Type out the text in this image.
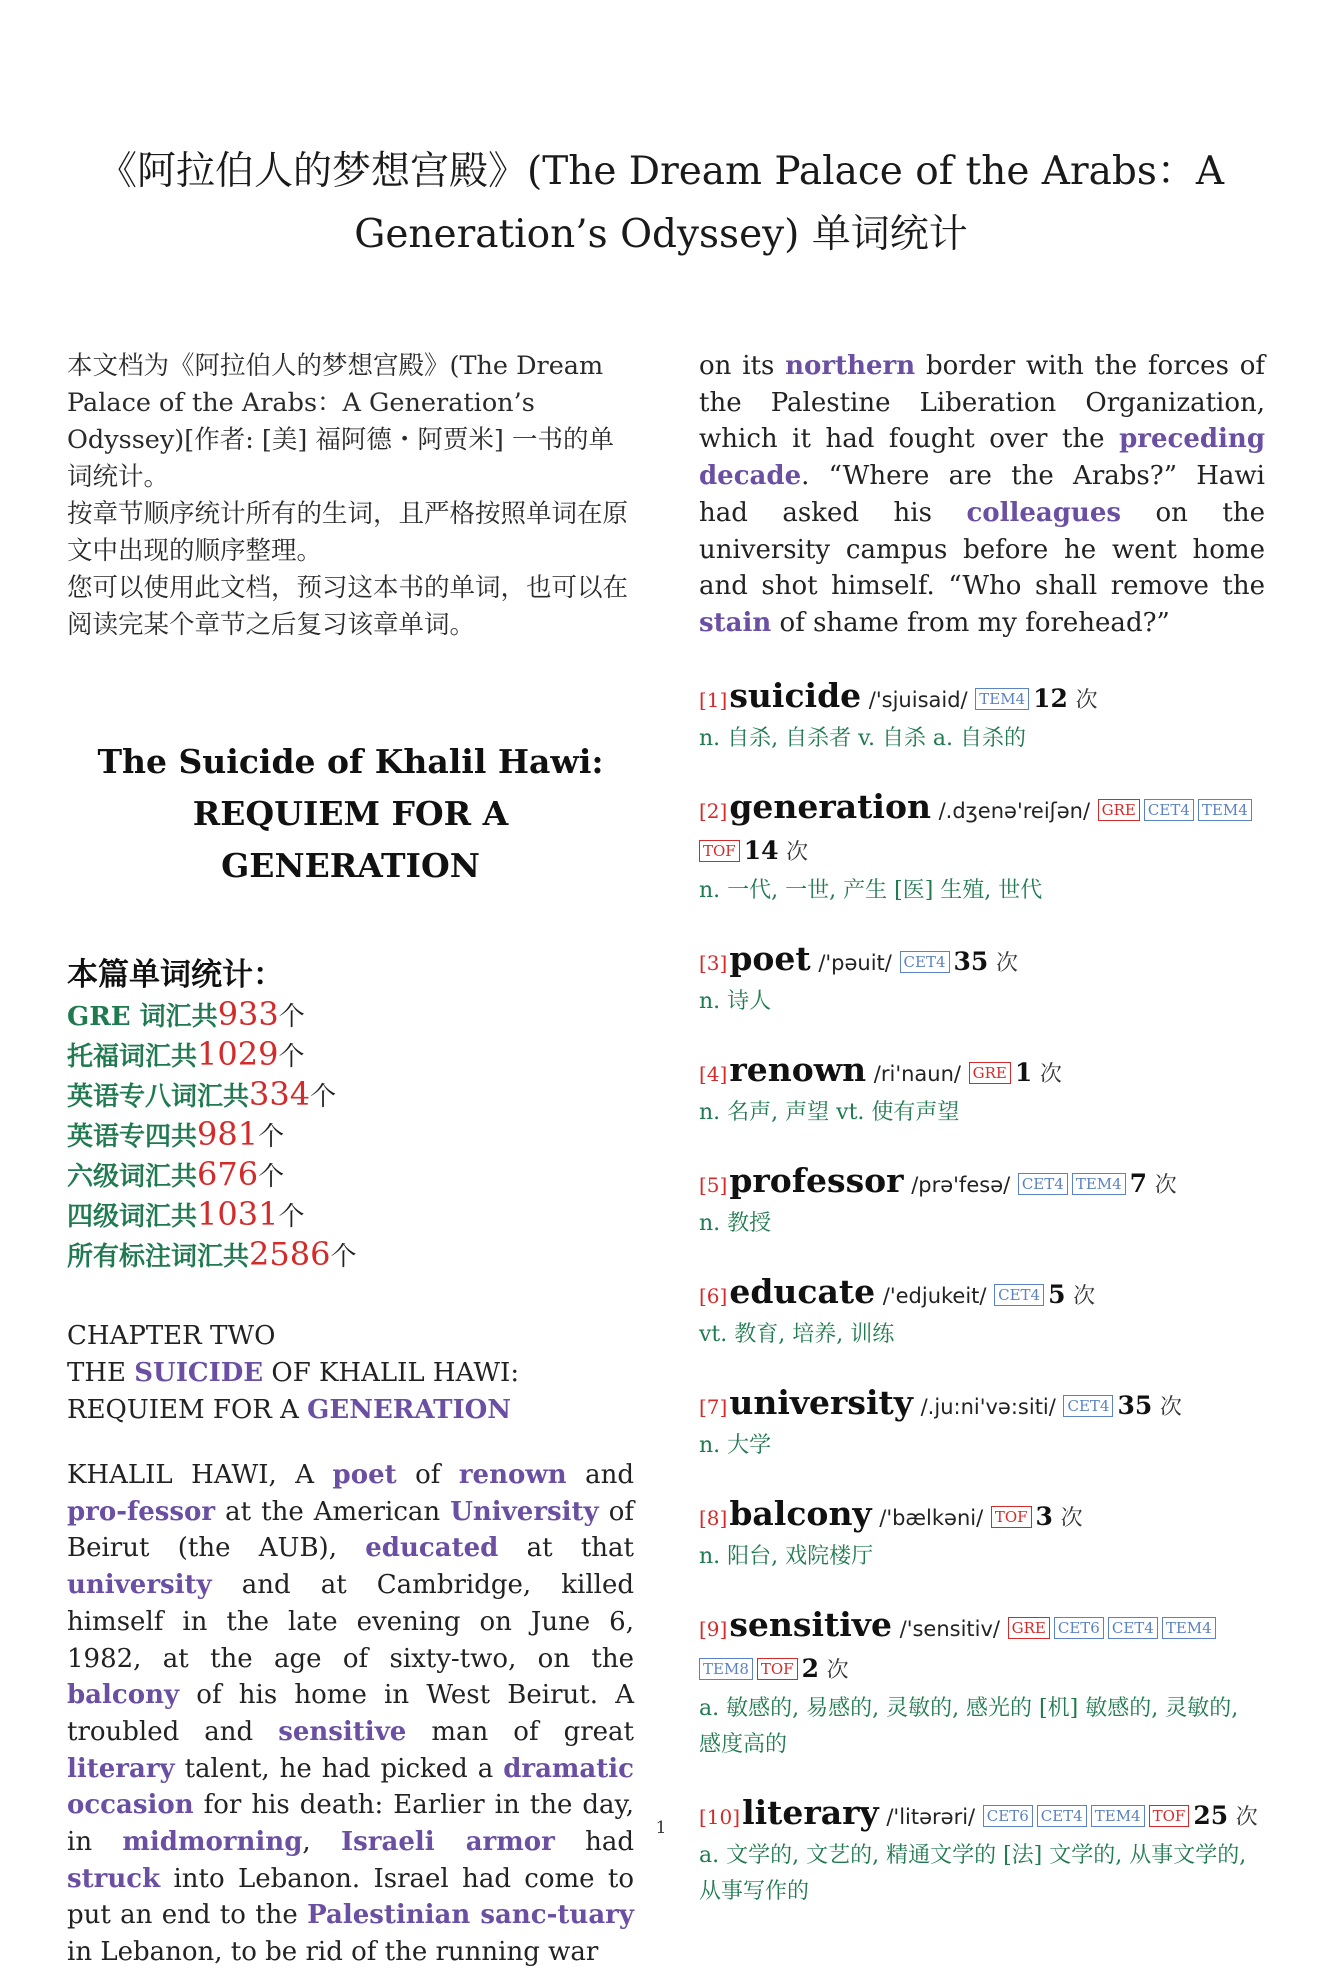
《阿拉伯人的梦想宫殿》(The Dream Palace of the Arabs：A Generation’s Odyssey) 单词统计

本文档为《阿拉伯人的梦想宫殿》(The Dream Palace of the Arabs：A Generation’s Odyssey)[作者: [美] 福阿德・阿贾米] 一书的单词统计。

按章节顺序统计所有的生词，且严格按照单词在原文中出现的顺序整理。

您可以使用此文档，预习这本书的单词，也可以在阅读完某个章节之后复习该章单词。

The Suicide of Khalil Hawi:
REQUIEM FOR A GENERATION
本篇单词统计：
GRE 词汇共933个
托福词汇共1029个
英语专八词汇共334个
英语专四共981个
六级词汇共676个
四级词汇共1031个
所有标注词汇共2586个
CHAPTER TWO
THE SUICIDE OF KHALIL HAWI:
REQUIEM FOR A GENERATION
KHALIL HAWI, A poet of renown and pro-fessor at the American University of Beirut (the AUB), educated at that university and at Cambridge, killed himself in the late evening on June 6, 1982, at the age of sixty-two, on the balcony of his home in West Beirut. A troubled and sensitive man of great literary talent, he had picked a dramatic occasion for his death: Earlier in the day, in midmorning, Israeli armor had struck into Lebanon. Israel had come to put an end to the Palestinian sanc-tuary in Lebanon, to be rid of the running war
on its northern border with the forces of the Palestine Liberation Organization, which it had fought over the preceding decade. “Where are the Arabs?” Hawi had asked his colleagues on the university campus before he went home and shot himself. “Who shall remove the stain of shame from my forehead?”
[1]suicide /'sjuisaid/ TEM4 12 次
n. 自杀, 自杀者 v. 自杀 a. 自杀的
[2]generation /.dʒenə'reiʃən/ GRE CET4 TEM4TOF 14 次
n. 一代, 一世, 产生 [医] 生殖, 世代
[3]poet /'pəuit/ CET4 35 次
n. 诗人
[4]renown /ri'naun/ GRE 1 次
n. 名声, 声望 vt. 使有声望
[5]professor /prə'fesə/ CET4 TEM4 7 次
n. 教授
[6]educate /'edjukeit/ CET4 5 次
vt. 教育, 培养, 训练
[7]university /.ju:ni'və:siti/ CET4 35 次
n. 大学
[8]balcony /'bælkəni/ TOF 3 次
n. 阳台, 戏院楼厅
[9]sensitive /'sensitiv/ GRE CET6 CET4 TEM4TEM8 TOF 2 次
a. 敏感的, 易感的, 灵敏的, 感光的 [机] 敏感的, 灵敏的, 感度高的
[10]literary /'litərəri/ CET6 CET4 TEM4 TOF 25 次
a. 文学的, 文艺的, 精通文学的 [法] 文学的, 从事文学的, 从事写作的
1
